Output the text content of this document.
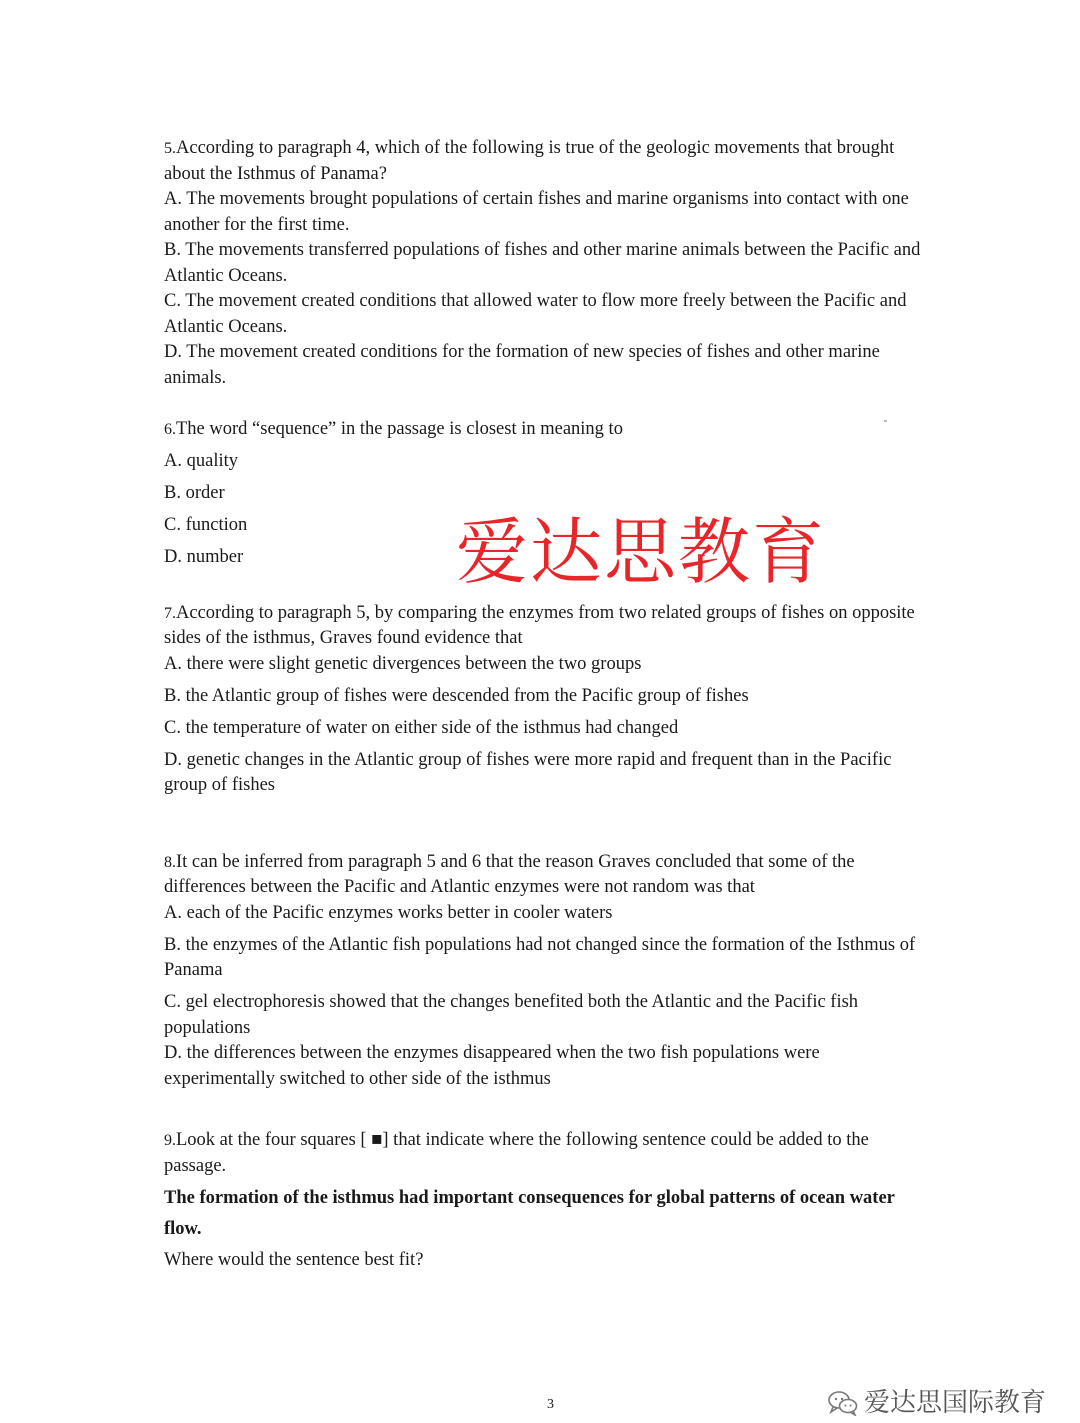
5.According to paragraph 4, which of the following is true of the geologic movements that brought about the Isthmus of Panama?

A. The movements brought populations of certain fishes and marine organisms into contact with one another for the first time.

B. The movements transferred populations of fishes and other marine animals between the Pacific and Atlantic Oceans.

C. The movement created conditions that allowed water to flow more freely between the Pacific and Atlantic Oceans.

D. The movement created conditions for the formation of new species of fishes and other marine animals.

6.The word “sequence” in the passage is closest in meaning to

A. quality

B. order

C. function

D. number

7.According to paragraph 5, by comparing the enzymes from two related groups of fishes on opposite sides of the isthmus, Graves found evidence that

A. there were slight genetic divergences between the two groups

B. the Atlantic group of fishes were descended from the Pacific group of fishes

C. the temperature of water on either side of the isthmus had changed

D. genetic changes in the Atlantic group of fishes were more rapid and frequent than in the Pacific group of fishes

8.It can be inferred from paragraph 5 and 6 that the reason Graves concluded that some of the differences between the Pacific and Atlantic enzymes were not random was that

A. each of the Pacific enzymes works better in cooler waters

B. the enzymes of the Atlantic fish populations had not changed since the formation of the Isthmus of Panama

C. gel electrophoresis showed that the changes benefited both the Atlantic and the Pacific fish populations

D. the differences between the enzymes disappeared when the two fish populations were experimentally switched to other side of the isthmus

9.Look at the four squares [ ■] that indicate where the following sentence could be added to the passage.

The formation of the isthmus had important consequences for global patterns of ocean water flow.

Where would the sentence best fit?

爱达思教育
3	爱达思国际教育
